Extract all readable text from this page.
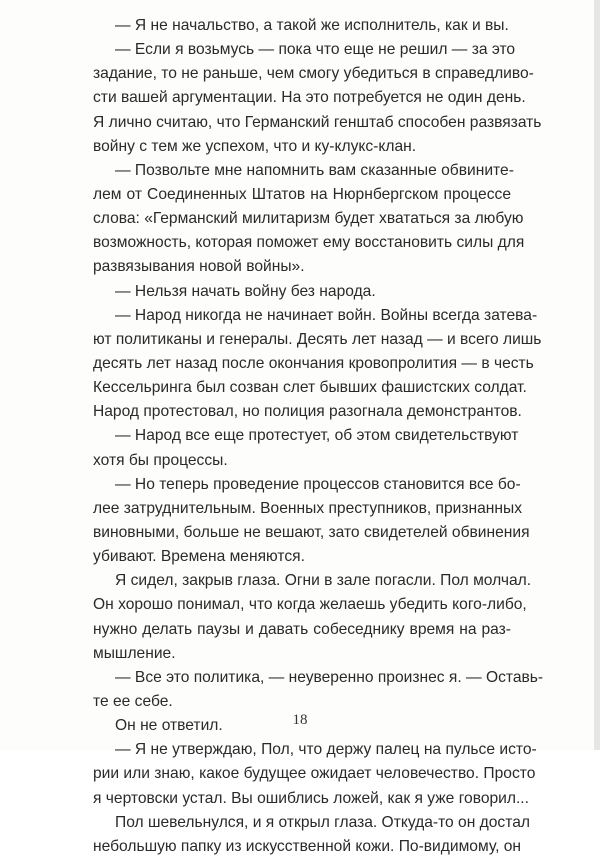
— Я не начальство, а такой же исполнитель, как и вы.
— Если я возьмусь — пока что еще не решил — за это
задание, то не раньше, чем смогу убедиться в справедливо-
сти вашей аргументации. На это потребуется не один день.
Я лично считаю, что Германский генштаб способен развязать
войну с тем же успехом, что и ку-клукс-клан.
— Позвольте мне напомнить вам сказанные обвините-
лем от Соединенных Штатов на Нюрнбергском процессе
слова: «Германский милитаризм будет хвататься за любую
возможность, которая поможет ему восстановить силы для
развязывания новой войны».
— Нельзя начать войну без народа.
— Народ никогда не начинает войн. Войны всегда затева-
ют политиканы и генералы. Десять лет назад — и всего лишь
десять лет назад после окончания кровопролития — в честь
Кессельринга был созван слет бывших фашистских солдат.
Народ протестовал, но полиция разогнала демонстрантов.
— Народ все еще протестует, об этом свидетельствуют
хотя бы процессы.
— Но теперь проведение процессов становится все бо-
лее затруднительным. Военных преступников, признанных
виновными, больше не вешают, зато свидетелей обвинения
убивают. Времена меняются.
Я сидел, закрыв глаза. Огни в зале погасли. Пол молчал.
Он хорошо понимал, что когда желаешь убедить кого-либо,
нужно делать паузы и давать собеседнику время на раз-
мышление.
— Все это политика, — неуверенно произнес я. — Оставь-
те ее себе.
Он не ответил.
— Я не утверждаю, Пол, что держу палец на пульсе исто-
рии или знаю, какое будущее ожидает человечество. Просто
я чертовски устал. Вы ошиблись ложей, как я уже говорил...
Пол шевельнулся, и я открыл глаза. Откуда-то он достал
небольшую папку из искусственной кожи. По-видимому, он
18
